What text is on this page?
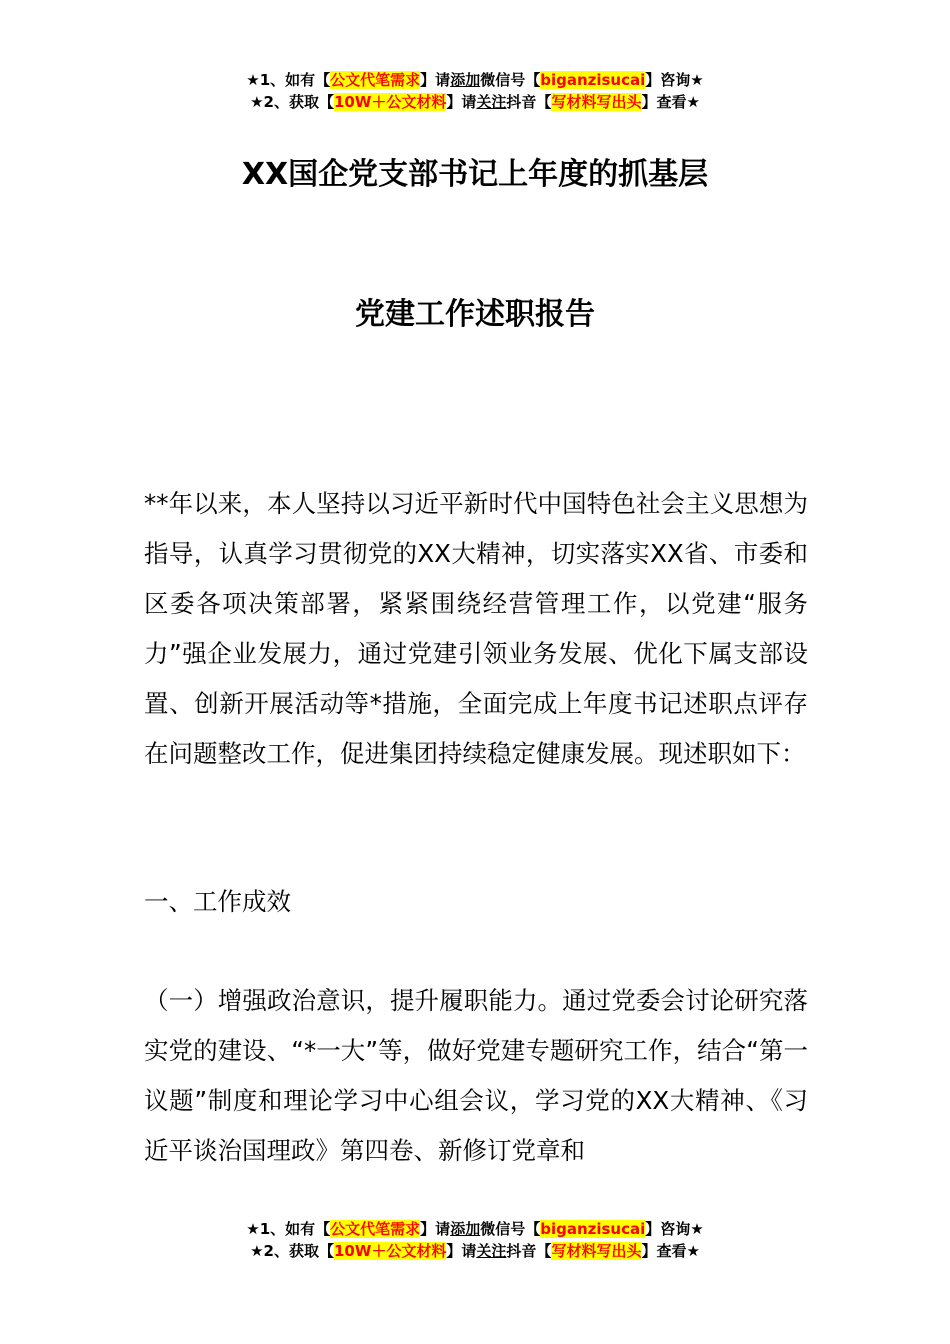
★1、如有【公文代笔需求】请添加微信号【biganzisucai】咨询★
★2、获取【10W＋公文材料】请关注抖音【写材料写出头】查看★
XX国企党支部书记上年度的抓基层
党建工作述职报告

**年以来，本人坚持以习近平新时代中国特色社会主义思想为指导，认真学习贯彻党的XX大精神，切实落实XX省、市委和区委各项决策部署，紧紧围绕经营管理工作，以党建“服务力”强企业发展力，通过党建引领业务发展、优化下属支部设置、创新开展活动等*措施，全面完成上年度书记述职点评存在问题整改工作，促进集团持续稳定健康发展。现述职如下：

一、工作成效

（一）增强政治意识，提升履职能力。通过党委会讨论研究落实党的建设、“*一大”等，做好党建专题研究工作，结合“第一议题”制度和理论学习中心组会议，学习党的XX大精神、《习近平谈治国理政》第四卷、新修订党章和

★1、如有【公文代笔需求】请添加微信号【biganzisucai】咨询★
★2、获取【10W＋公文材料】请关注抖音【写材料写出头】查看★
